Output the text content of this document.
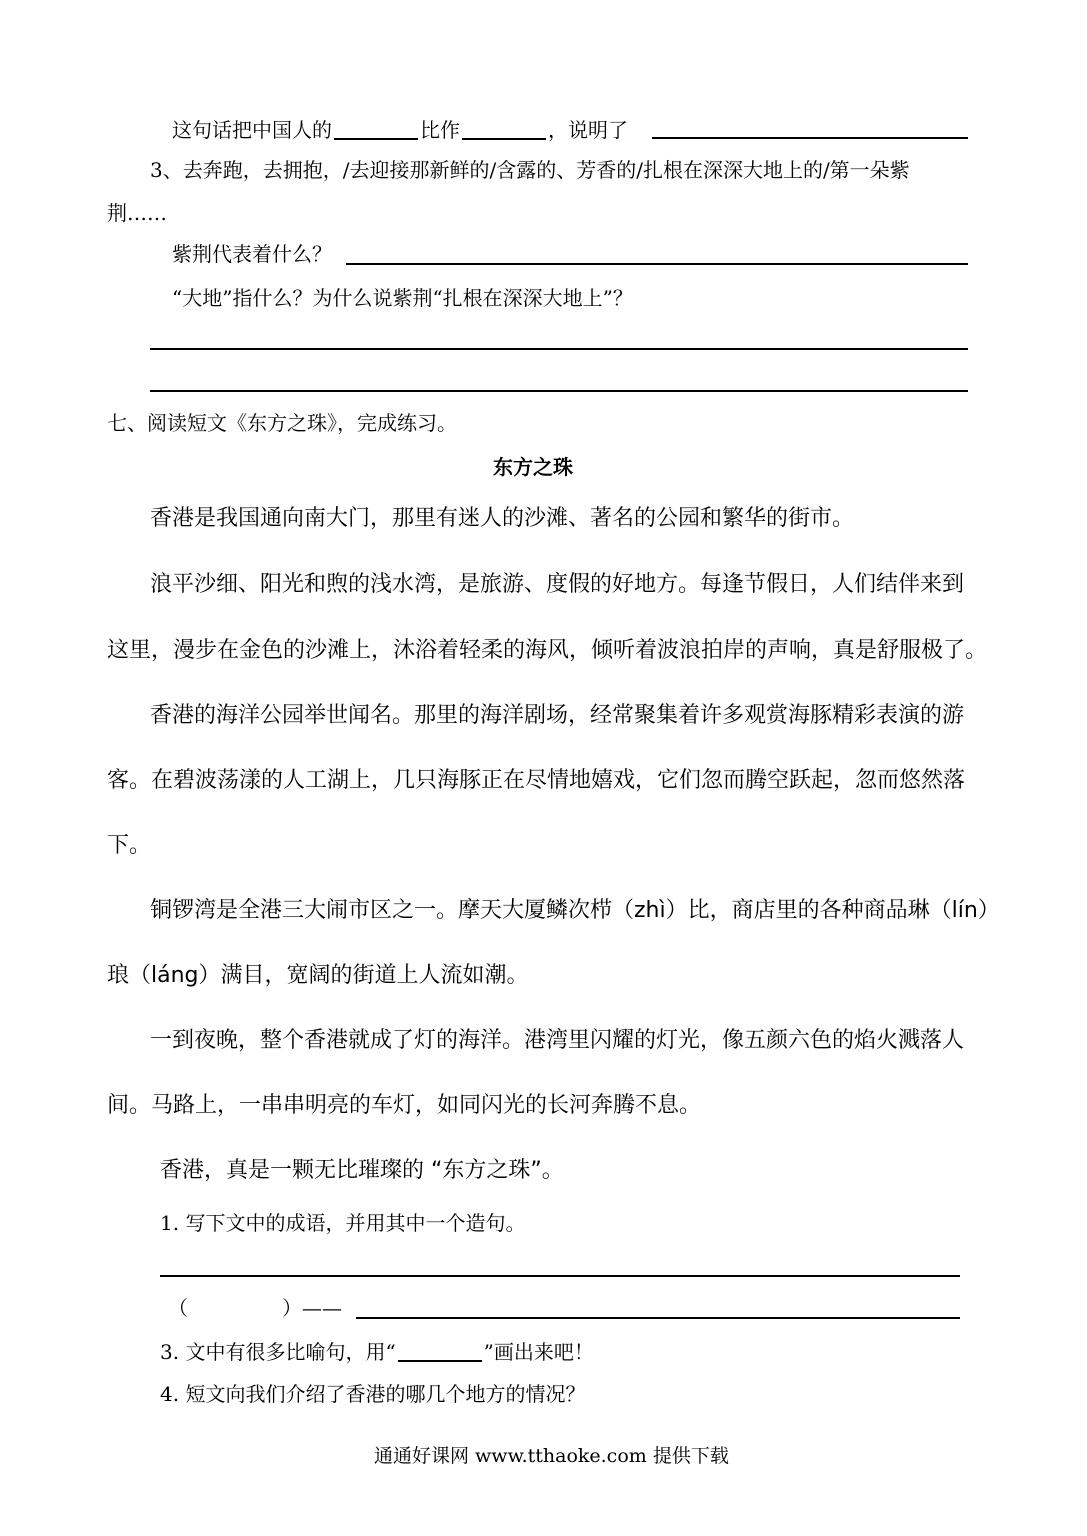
这句话把中国人的	比作	，说明了
3、去奔跑，去拥抱，/去迎接那新鲜的/含露的、芳香的/扎根在深深大地上的/第一朵紫
荆……
紫荆代表着什么？
“大地”指什么？为什么说紫荆“扎根在深深大地上”？
七、阅读短文《东方之珠》，完成练习。
东方之珠
香港是我国通向南大门，那里有迷人的沙滩、著名的公园和繁华的街市。
浪平沙细、阳光和煦的浅水湾，是旅游、度假的好地方。每逢节假日，人们结伴来到
这里，漫步在金色的沙滩上，沐浴着轻柔的海风，倾听着波浪拍岸的声响，真是舒服极了。
香港的海洋公园举世闻名。那里的海洋剧场，经常聚集着许多观赏海豚精彩表演的游
客。在碧波荡漾的人工湖上，几只海豚正在尽情地嬉戏，它们忽而腾空跃起，忽而悠然落
下。
铜锣湾是全港三大闹市区之一。摩天大厦鳞次栉（zhì）比，商店里的各种商品琳（lín）
琅（láng）满目，宽阔的街道上人流如潮。
一到夜晚，整个香港就成了灯的海洋。港湾里闪耀的灯光，像五颜六色的焰火溅落人
间。马路上，一串串明亮的车灯，如同闪光的长河奔腾不息。
香港，真是一颗无比璀璨的 “东方之珠”。
1. 写下文中的成语，并用其中一个造句。
（	）——
3. 文中有很多比喻句，用“	”画出来吧！
4. 短文向我们介绍了香港的哪几个地方的情况？
通通好课网 www.tthaoke.com 提供下载
